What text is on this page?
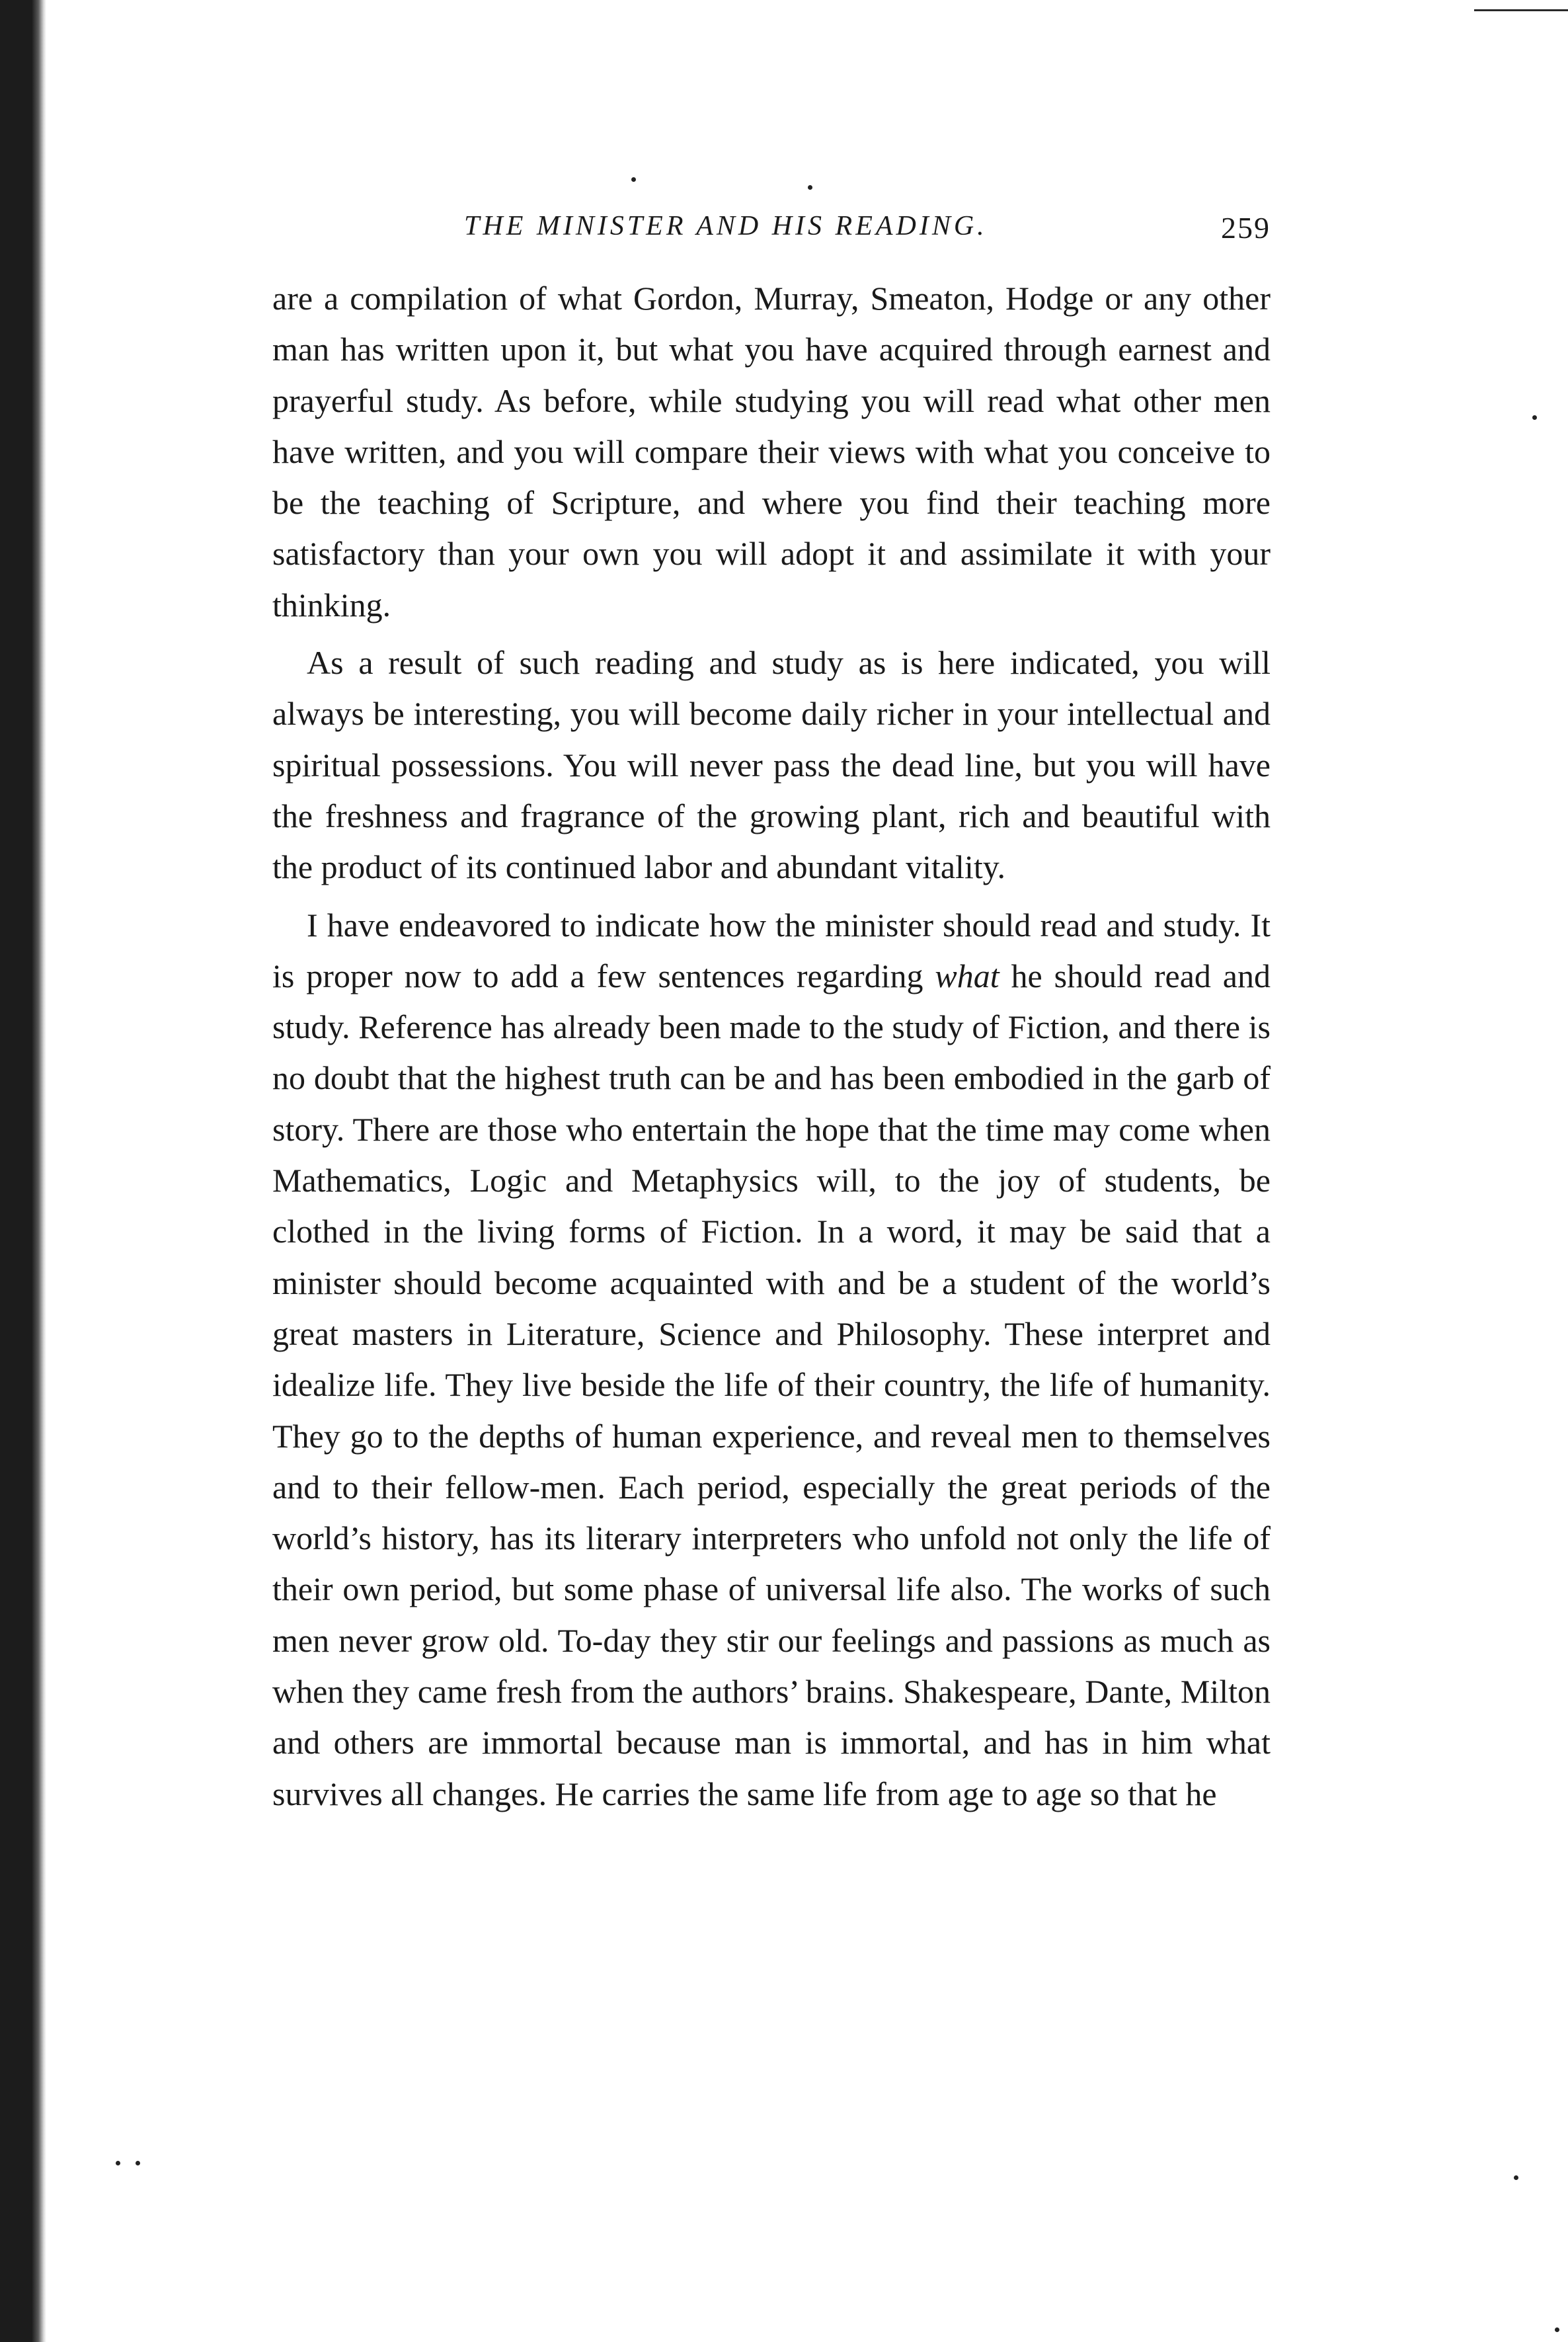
THE MINISTER AND HIS READING.	259

are a compilation of what Gordon, Murray, Smeaton, Hodge or any other man has written upon it, but what you have acquired through earnest and prayerful study. As before, while studying you will read what other men have written, and you will compare their views with what you conceive to be the teaching of Scripture, and where you find their teaching more satisfactory than your own you will adopt it and assimilate it with your thinking.

As a result of such reading and study as is here indicated, you will always be interesting, you will become daily richer in your intellectual and spiritual possessions. You will never pass the dead line, but you will have the freshness and fragrance of the growing plant, rich and beautiful with the product of its continued labor and abundant vitality.

I have endeavored to indicate how the minister should read and study. It is proper now to add a few sentences regarding what he should read and study. Reference has already been made to the study of Fiction, and there is no doubt that the highest truth can be and has been embodied in the garb of story. There are those who entertain the hope that the time may come when Mathematics, Logic and Metaphysics will, to the joy of students, be clothed in the living forms of Fiction. In a word, it may be said that a minister should become acquainted with and be a student of the world’s great masters in Literature, Science and Philosophy. These interpret and idealize life. They live beside the life of their country, the life of humanity. They go to the depths of human experience, and reveal men to themselves and to their fellow-men. Each period, especially the great periods of the world’s history, has its literary interpreters who unfold not only the life of their own period, but some phase of universal life also. The works of such men never grow old. To-day they stir our feelings and passions as much as when they came fresh from the authors’ brains. Shakespeare, Dante, Milton and others are immortal because man is immortal, and has in him what survives all changes. He carries the same life from age to age so that he
